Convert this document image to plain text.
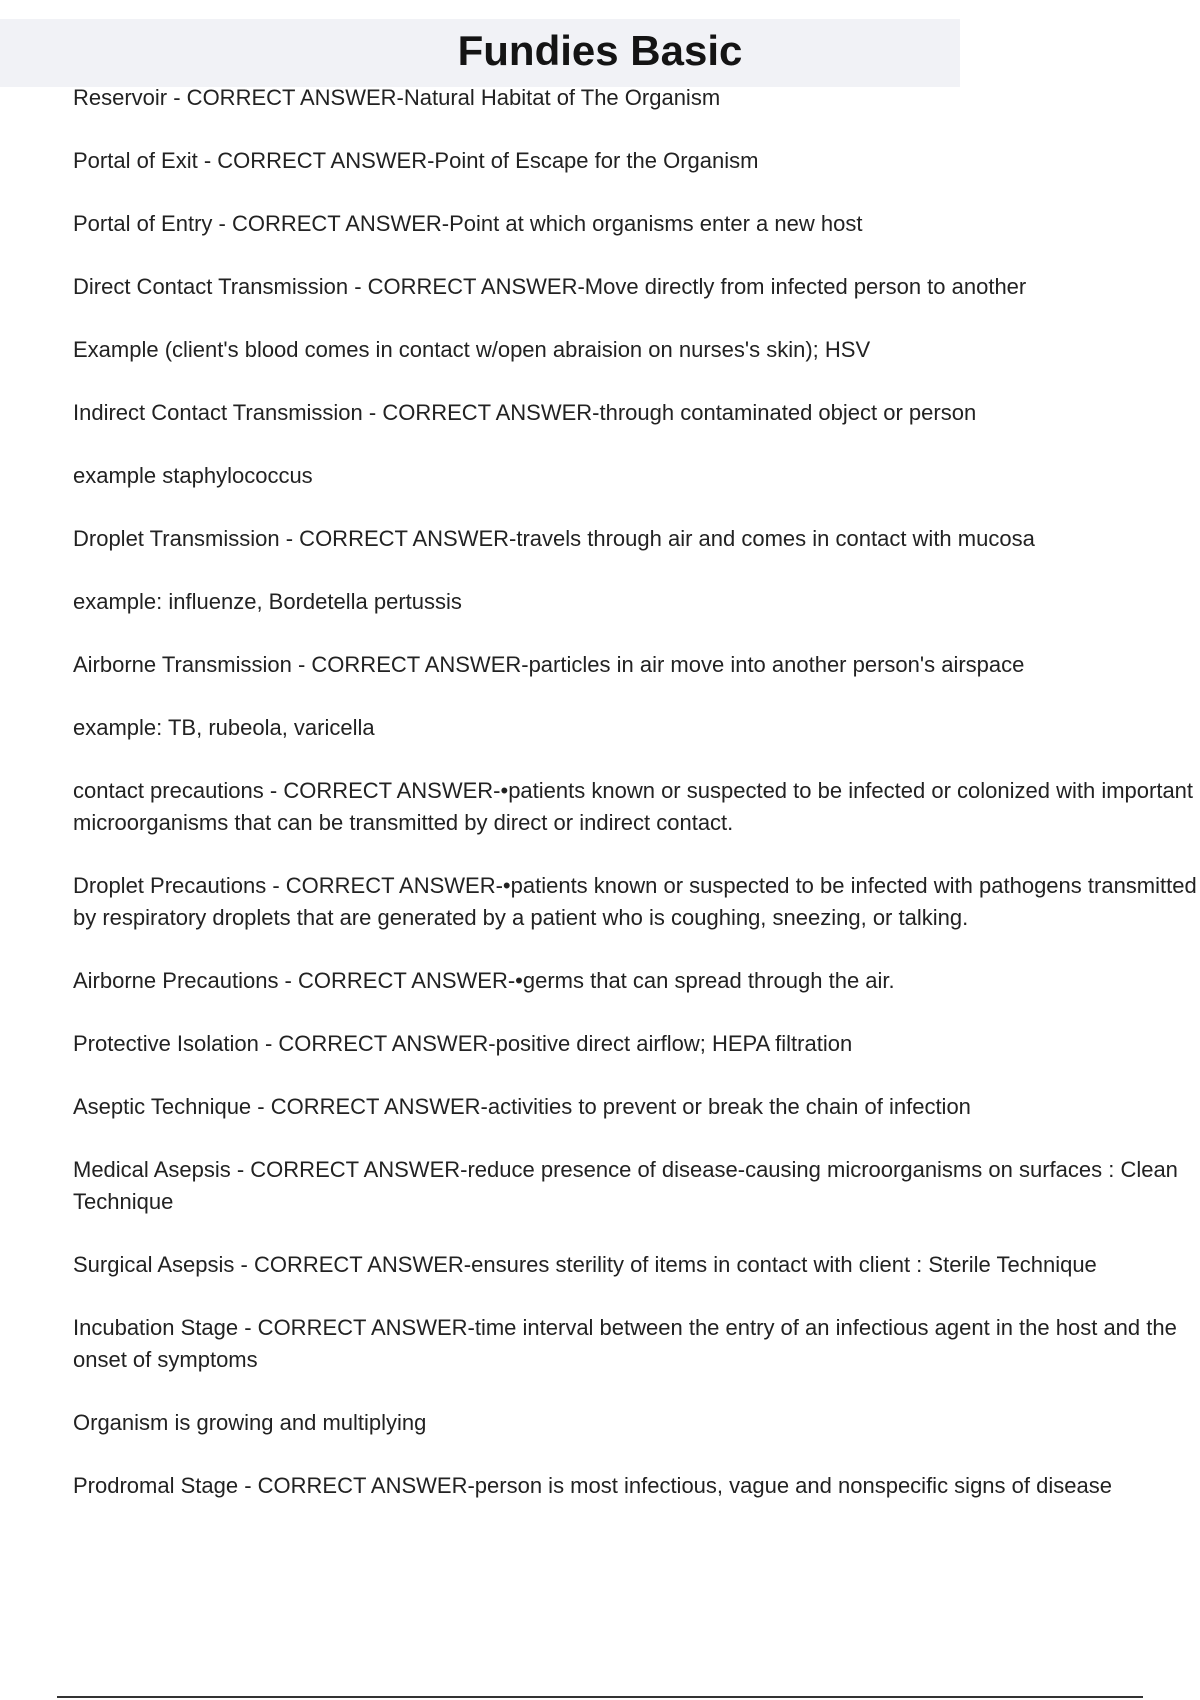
Fundies Basic

Reservoir - CORRECT ANSWER-Natural Habitat of The Organism

Portal of Exit - CORRECT ANSWER-Point of Escape for the Organism

Portal of Entry - CORRECT ANSWER-Point at which organisms enter a new host

Direct Contact Transmission - CORRECT ANSWER-Move directly from infected person to another

Example (client's blood comes in contact w/open abraision on nurses's skin); HSV

Indirect Contact Transmission - CORRECT ANSWER-through contaminated object or person

example staphylococcus

Droplet Transmission - CORRECT ANSWER-travels through air and comes in contact with mucosa

example: influenze, Bordetella pertussis

Airborne Transmission - CORRECT ANSWER-particles in air move into another person's airspace

example: TB, rubeola, varicella

contact precautions - CORRECT ANSWER-•patients known or suspected to be infected or colonized with important microorganisms that can be transmitted by direct or indirect contact.

Droplet Precautions - CORRECT ANSWER-•patients known or suspected to be infected with pathogens transmitted by respiratory droplets that are generated by a patient who is coughing, sneezing, or talking.

Airborne Precautions - CORRECT ANSWER-•germs that can spread through the air.

Protective Isolation - CORRECT ANSWER-positive direct airflow; HEPA filtration

Aseptic Technique - CORRECT ANSWER-activities to prevent or break the chain of infection

Medical Asepsis - CORRECT ANSWER-reduce presence of disease-causing microorganisms on surfaces : Clean Technique

Surgical Asepsis - CORRECT ANSWER-ensures sterility of items in contact with client : Sterile Technique

Incubation Stage - CORRECT ANSWER-time interval between the entry of an infectious agent in the host and the onset of symptoms

Organism is growing and multiplying

Prodromal Stage - CORRECT ANSWER-person is most infectious, vague and nonspecific signs of disease
